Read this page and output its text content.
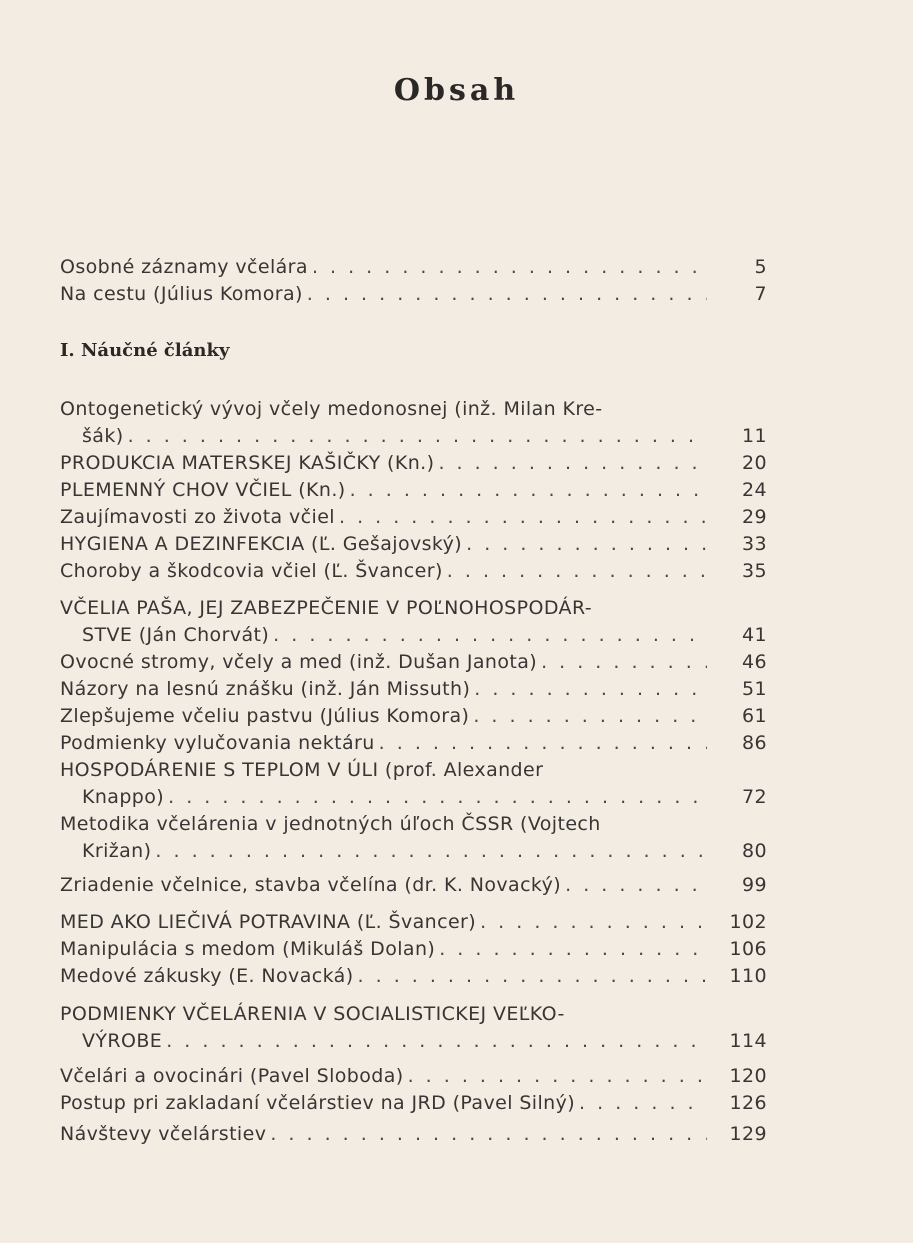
Obsah
Osobné záznamy včelára . . .	5
Na cestu (Július Komora) . . .	7
I. Náučné články
Ontogenetický vývoj včely medonosnej (inž. Milan Kre-
šák) . . .	11
PRODUKCIA MATERSKEJ KAŠIČKY (Kn.) . . .	20
PLEMENNÝ CHOV VČIEL (Kn.) . . .	24
Zaujímavosti zo života včiel . . .	29
HYGIENA A DEZINFEKCIA (Ľ. Gešajovský) . . .	33
Choroby a škodcovia včiel (Ľ. Švancer) . . .	35
VČELIA PAŠA, JEJ ZABEZPEČENIE V POĽNOHOSPODÁR-
STVE (Ján Chorvát) . . .	41
Ovocné stromy, včely a med (inž. Dušan Janota) . . .	46
Názory na lesnú znášku (inž. Ján Missuth) . . .	51
Zlepšujeme včeliu pastvu (Július Komora) . . .	61
Podmienky vylučovania nektáru . . .	86
HOSPODÁRENIE S TEPLOM V ÚLI (prof. Alexander
Knappo) . . .	72
Metodika včelárenia v jednotných úľoch ČSSR (Vojtech
Križan) . . .	80
Zriadenie včelnice, stavba včelína (dr. K. Novacký) . . .	99
MED AKO LIEČIVÁ POTRAVINA (Ľ. Švancer) . . .	102
Manipulácia s medom (Mikuláš Dolan) . . .	106
Medové zákusky (E. Novacká) . . .	110
PODMIENKY VČELÁRENIA V SOCIALISTICKEJ VEĽKO-
VÝROBE . . .	114
Včelári a ovocinári (Pavel Sloboda) . . .	120
Postup pri zakladaní včelárstiev na JRD (Pavel Silný) . . .	126
Návštevy včelárstiev . . .	129
